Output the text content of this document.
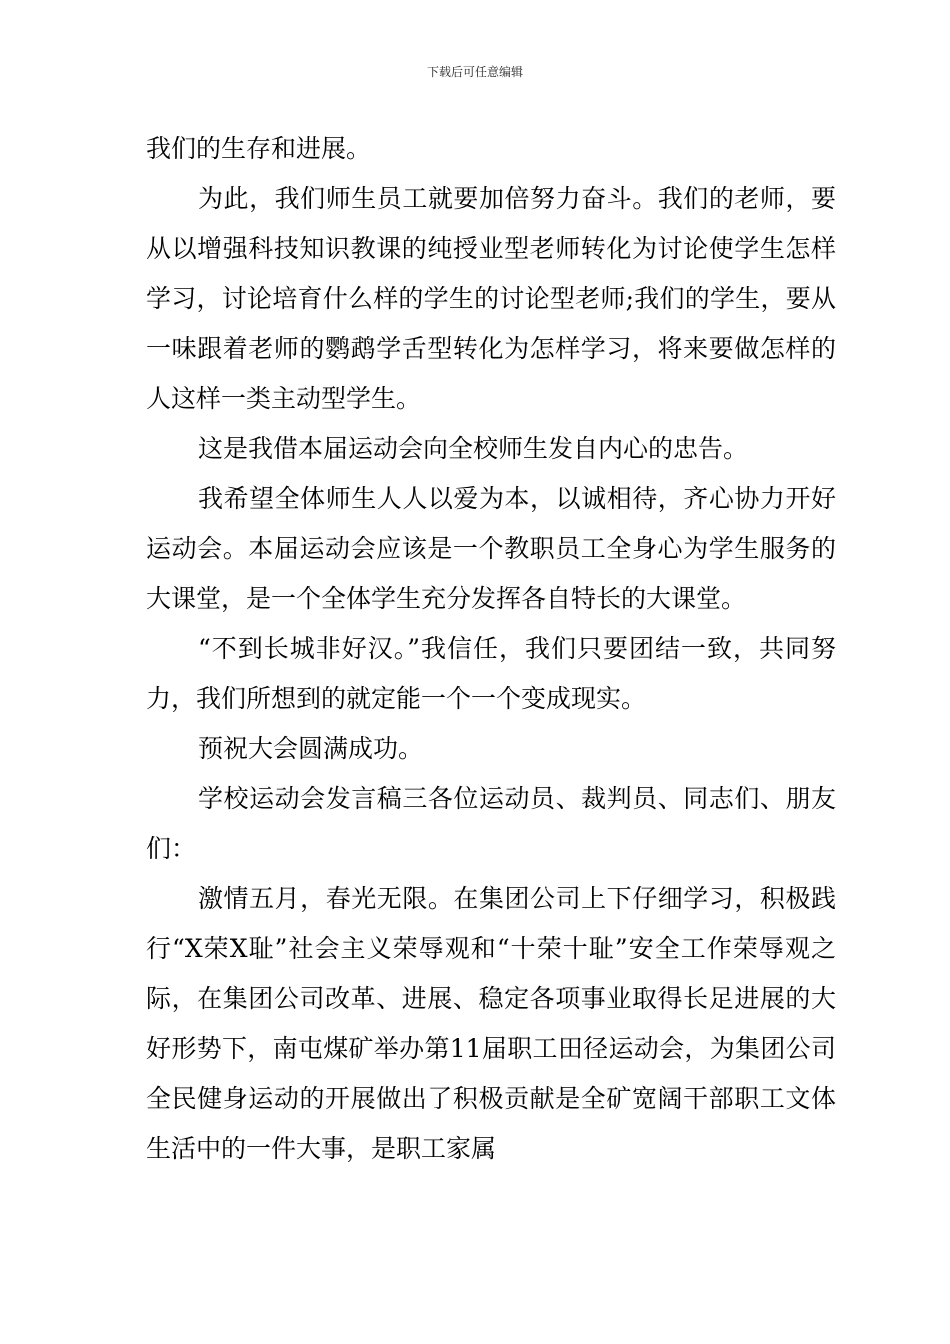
下载后可任意编辑

我们的生存和进展。

为此，我们师生员工就要加倍努力奋斗。我们的老师，要从以增强科技知识教课的纯授业型老师转化为讨论使学生怎样学习，讨论培育什么样的学生的讨论型老师;我们的学生，要从一味跟着老师的鹦鹉学舌型转化为怎样学习，将来要做怎样的人这样一类主动型学生。

这是我借本届运动会向全校师生发自内心的忠告。

我希望全体师生人人以爱为本，以诚相待，齐心协力开好运动会。本届运动会应该是一个教职员工全身心为学生服务的大课堂，是一个全体学生充分发挥各自特长的大课堂。

“不到长城非好汉。”我信任，我们只要团结一致，共同努力，我们所想到的就定能一个一个变成现实。

预祝大会圆满成功。

学校运动会发言稿三各位运动员、裁判员、同志们、朋友们：

激情五月，春光无限。在集团公司上下仔细学习，积极践行“X荣X耻”社会主义荣辱观和“十荣十耻”安全工作荣辱观之际，在集团公司改革、进展、稳定各项事业取得长足进展的大好形势下，南屯煤矿举办第11届职工田径运动会，为集团公司全民健身运动的开展做出了积极贡献是全矿宽阔干部职工文体生活中的一件大事，是职工家属
